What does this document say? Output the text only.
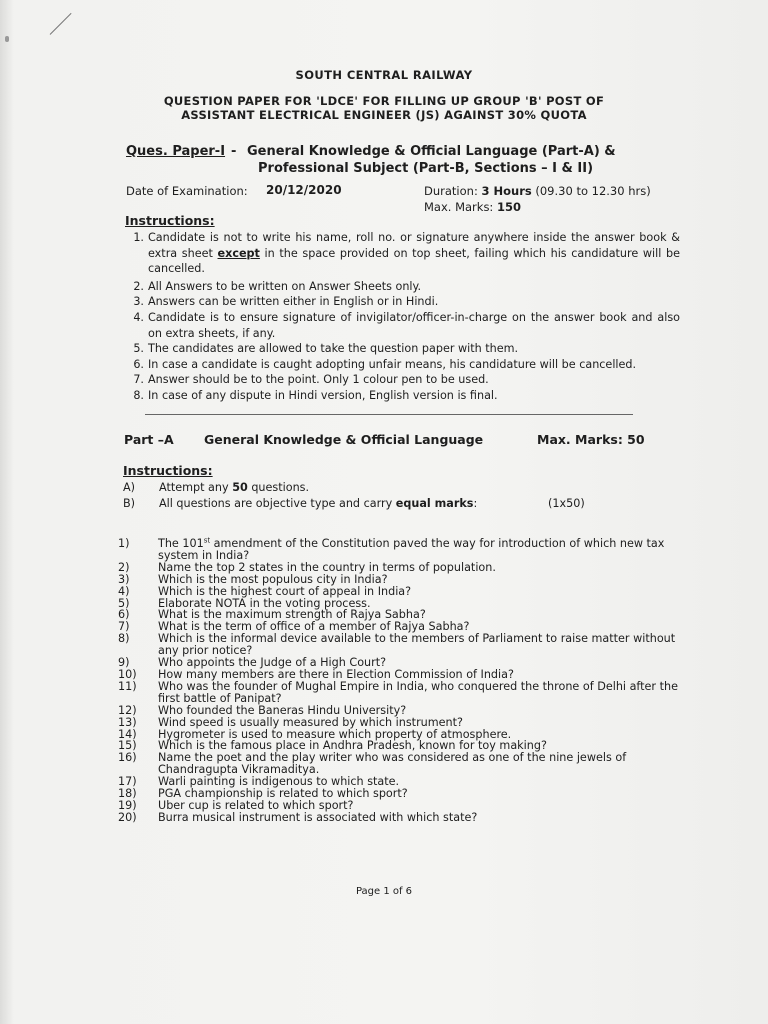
SOUTH CENTRAL RAILWAY
QUESTION PAPER FOR 'LDCE' FOR FILLING UP GROUP 'B' POST OF
ASSISTANT ELECTRICAL ENGINEER (JS) AGAINST 30% QUOTA
Ques. Paper-I - General Knowledge & Official Language (Part-A) &
Professional Subject (Part-B, Sections – I & II)
Date of Examination: 20/12/2020	Duration: 3 Hours (09.30 to 12.30 hrs)
Max. Marks: 150
Instructions:
1. Candidate is not to write his name, roll no. or signature anywhere inside the answer book & extra sheet except in the space provided on top sheet, failing which his candidature will be cancelled.
2. All Answers to be written on Answer Sheets only.
3. Answers can be written either in English or in Hindi.
4. Candidate is to ensure signature of invigilator/officer-in-charge on the answer book and also on extra sheets, if any.
5. The candidates are allowed to take the question paper with them.
6. In case a candidate is caught adopting unfair means, his candidature will be cancelled.
7. Answer should be to the point. Only 1 colour pen to be used.
8. In case of any dispute in Hindi version, English version is final.
Part –A General Knowledge & Official Language	Max. Marks: 50
Instructions:
A) Attempt any 50 questions.
B) All questions are objective type and carry equal marks:	(1x50)
1)	The 101st amendment of the Constitution paved the way for introduction of which new tax system in India?
2)	Name the top 2 states in the country in terms of population.
3)	Which is the most populous city in India?
4)	Which is the highest court of appeal in India?
5)	Elaborate NOTA in the voting process.
6)	What is the maximum strength of Rajya Sabha?
7)	What is the term of office of a member of Rajya Sabha?
8)	Which is the informal device available to the members of Parliament to raise matter without any prior notice?
9)	Who appoints the Judge of a High Court?
10)	How many members are there in Election Commission of India?
11)	Who was the founder of Mughal Empire in India, who conquered the throne of Delhi after the first battle of Panipat?
12)	Who founded the Baneras Hindu University?
13)	Wind speed is usually measured by which instrument?
14)	Hygrometer is used to measure which property of atmosphere.
15)	Which is the famous place in Andhra Pradesh, known for toy making?
16)	Name the poet and the play writer who was considered as one of the nine jewels of Chandragupta Vikramaditya.
17)	Warli painting is indigenous to which state.
18)	PGA championship is related to which sport?
19)	Uber cup is related to which sport?
20)	Burra musical instrument is associated with which state?
Page 1 of 6
